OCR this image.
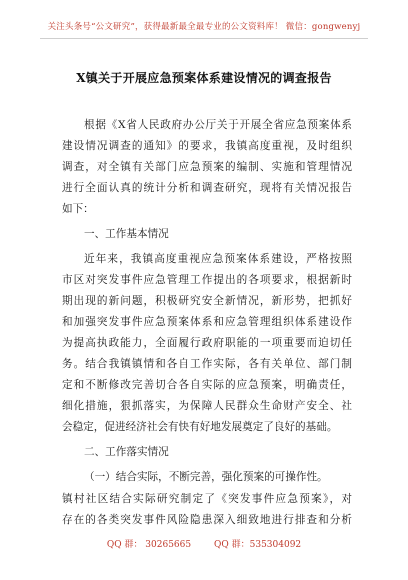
关注头条号“公文研究”，获得最新最全最专业的公文资料库！ 微信：gongwenyj
X镇关于开展应急预案体系建设情况的调查报告
根据《X省人民政府办公厅关于开展全省应急预案体系
建设情况调查的通知》的要求，我镇高度重视，及时组织
调查，对全镇有关部门应急预案的编制、实施和管理情况
进行全面认真的统计分析和调查研究，现将有关情况报告
如下：
一、工作基本情况
近年来，我镇高度重视应急预案体系建设，严格按照
市区对突发事件应急管理工作提出的各项要求，根据新时
期出现的新问题，积极研究安全新情况，新形势，把抓好
和加强突发事件应急预案体系和应急管理组织体系建设作
为提高执政能力，全面履行政府职能的一项重要而迫切任
务。结合我镇镇情和各自工作实际，各有关单位、部门制
定和不断修改完善切合各自实际的应急预案，明确责任，
细化措施，狠抓落实，为保障人民群众生命财产安全、社
会稳定，促进经济社会有快有好地发展奠定了良好的基础。
二、工作落实情况
（一）结合实际，不断完善，强化预案的可操作性。
镇村社区结合实际研究制定了《突发事件应急预案》，对
存在的各类突发事件风险隐患深入细致地进行排查和分析
QQ 群： 30265665	QQ 群：535304092
